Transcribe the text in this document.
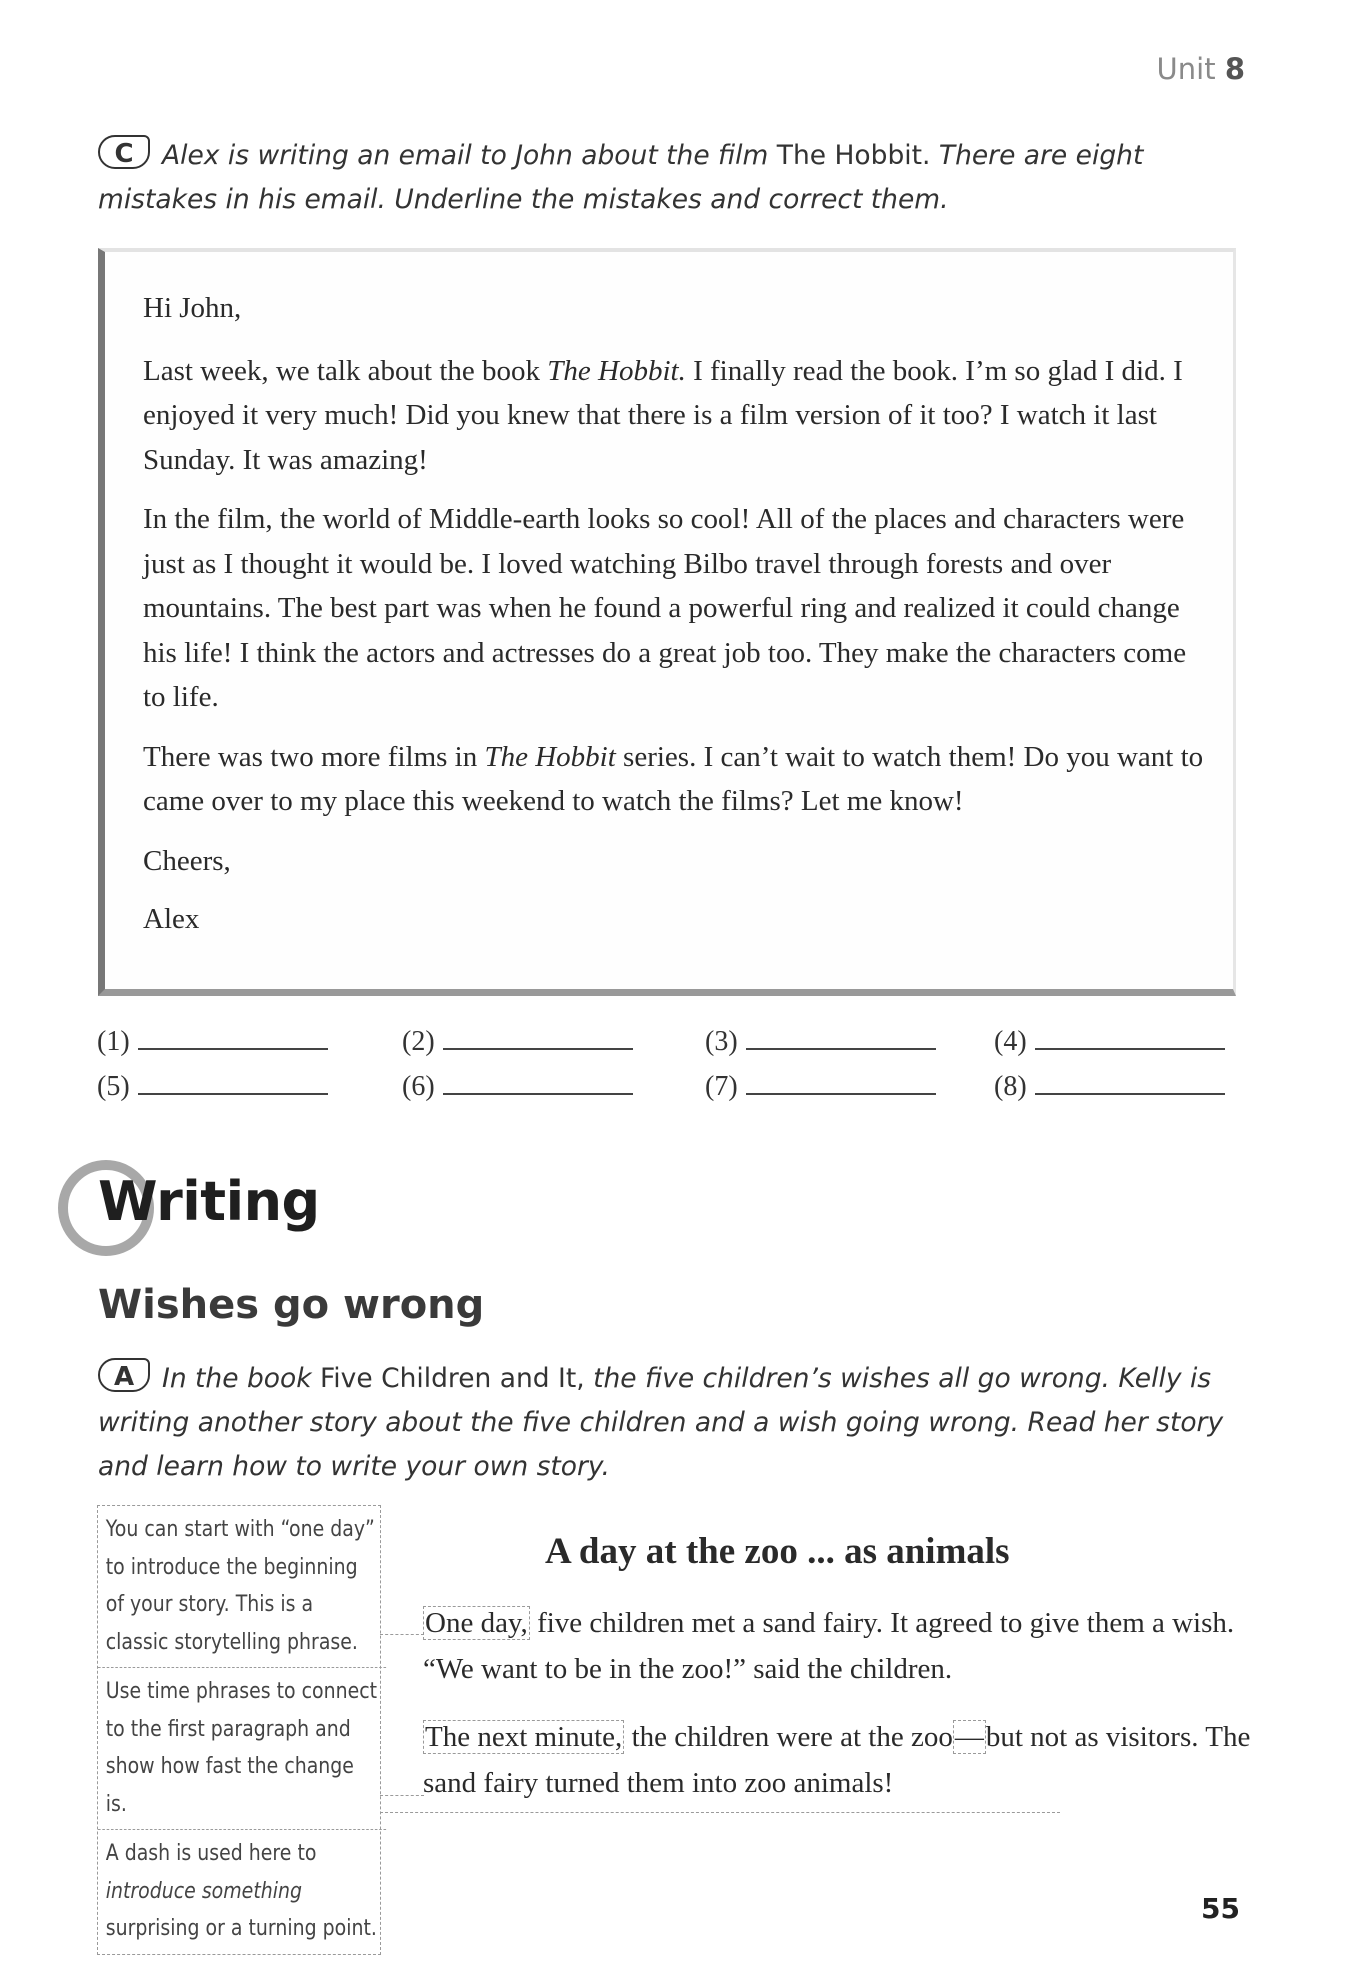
Unit 8
C Alex is writing an email to John about the film The Hobbit. There are eight mistakes in his email. Underline the mistakes and correct them.

Hi John,

Last week, we talk about the book The Hobbit. I finally read the book. I’m so glad I did. I enjoyed it very much! Did you knew that there is a film version of it too? I watch it last Sunday. It was amazing!

In the film, the world of Middle-earth looks so cool! All of the places and characters were just as I thought it would be. I loved watching Bilbo travel through forests and over mountains. The best part was when he found a powerful ring and realized it could change his life! I think the actors and actresses do a great job too. They make the characters come to life.

There was two more films in The Hobbit series. I can’t wait to watch them! Do you want to came over to my place this weekend to watch the films? Let me know!

Cheers,

Alex

(1)	(2)	(3)	(4)
(5)	(6)	(7)	(8)
Writing
Wishes go wrong
A In the book Five Children and It, the five children’s wishes all go wrong. Kelly is writing another story about the five children and a wish going wrong. Read her story and learn how to write your own story.
You can start with “one day” to introduce the beginning of your story. This is a classic storytelling phrase.
Use time phrases to connect to the first paragraph and show how fast the change is.
A dash is used here to introduce something surprising or a turning point.
A day at the zoo ... as animals

One day, five children met a sand fairy. It agreed to give them a wish. “We want to be in the zoo!” said the children.

The next minute, the children were at the zoo—but not as visitors. The sand fairy turned them into zoo animals!

55
